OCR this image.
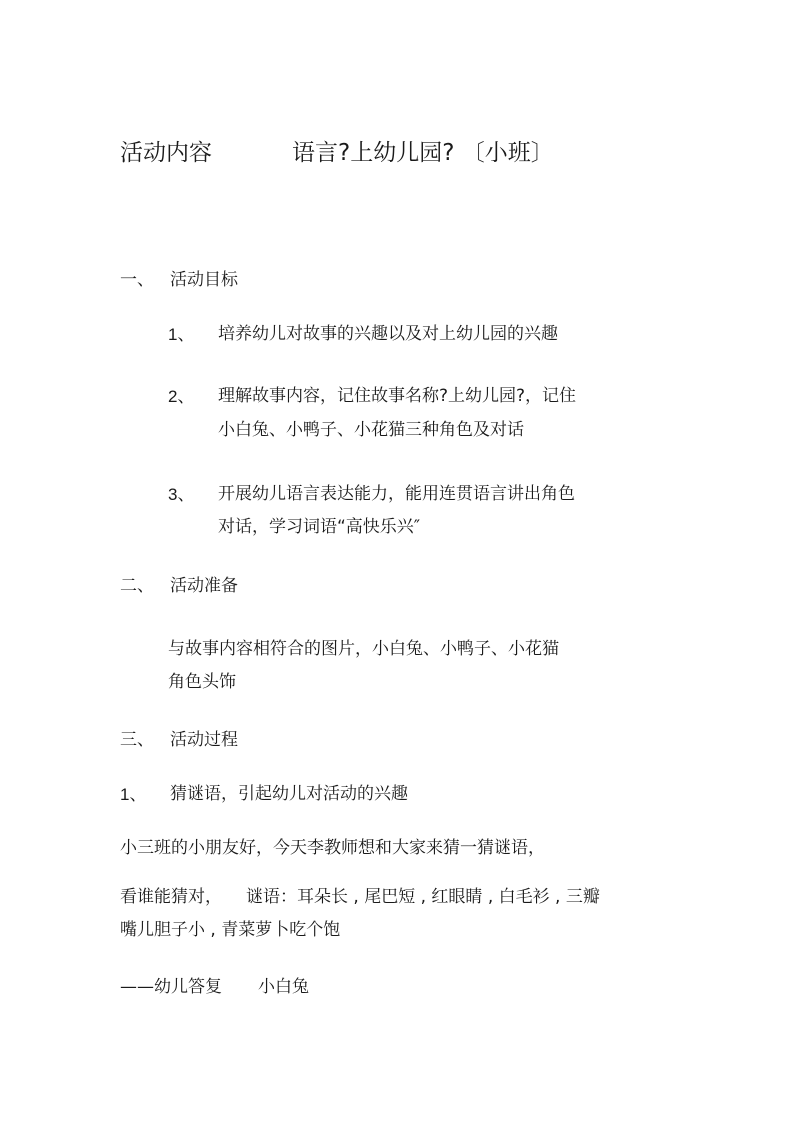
活动内容	语言?上幼儿园? 〔小班〕
一、 活动目标
1、 培养幼儿对故事的兴趣以及对上幼儿园的兴趣
2、 理解故事内容，记住故事名称?上幼儿园?，记住
小白兔、小鸭子、小花猫三种角色及对话
3、 开展幼儿语言表达能力，能用连贯语言讲出角色
对话，学习词语“高快乐兴″
二、 活动准备
与故事内容相符合的图片，小白兔、小鸭子、小花猫
角色头饰
三、 活动过程
1、 猜谜语，引起幼儿对活动的兴趣
小三班的小朋友好，今天李教师想和大家来猜一猜谜语，
看谁能猜对， 谜语：耳朵长 , 尾巴短 , 红眼睛 , 白毛衫 , 三瓣
嘴儿胆子小 , 青菜萝卜吃个饱
——幼儿答复 小白兔
